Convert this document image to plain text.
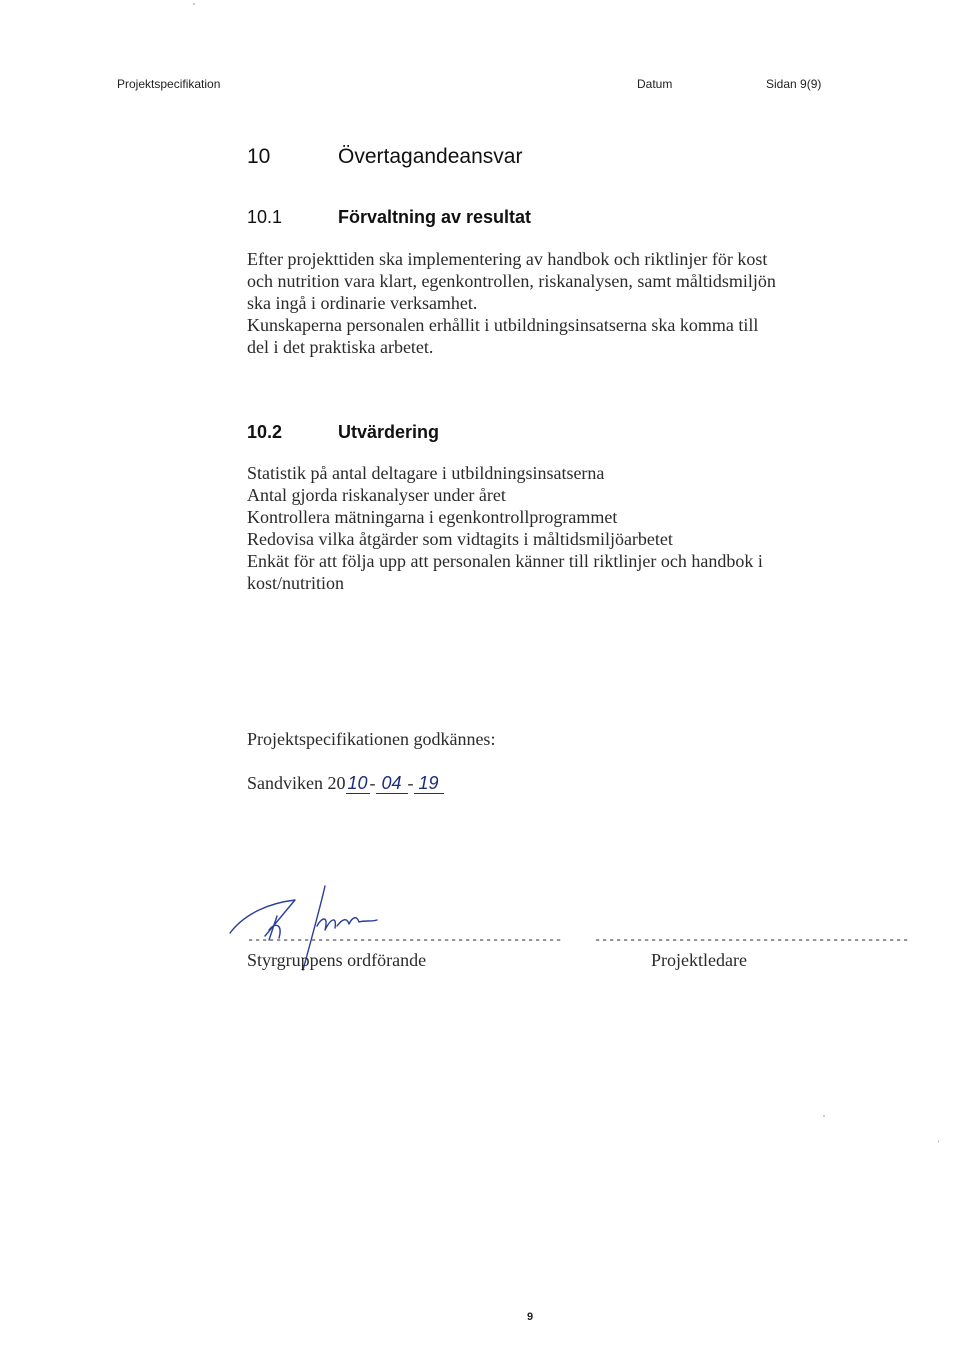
Projektspecifikation	Datum	Sidan 9(9)
10	Övertagandeansvar
10.1	Förvaltning av resultat
Efter projekttiden ska implementering av handbok och riktlinjer för kost
och nutrition vara klart, egenkontrollen, riskanalysen, samt måltidsmiljön
ska ingå i ordinarie verksamhet.
Kunskaperna personalen erhållit i utbildningsinsatserna ska komma till
del i det praktiska arbetet.
10.2	Utvärdering
Statistik på antal deltagare i utbildningsinsatserna
Antal gjorda riskanalyser under året
Kontrollera mätningarna i egenkontrollprogrammet
Redovisa vilka åtgärder som vidtagits i måltidsmiljöarbetet
Enkät för att följa upp att personalen känner till riktlinjer och handbok i
kost/nutrition
Projektspecifikationen godkännes:
Sandviken 20 10 - 04 - 19
---------------------------------------------	---------------------------------------------
Styrgruppens ordförande	Projektledare
9
